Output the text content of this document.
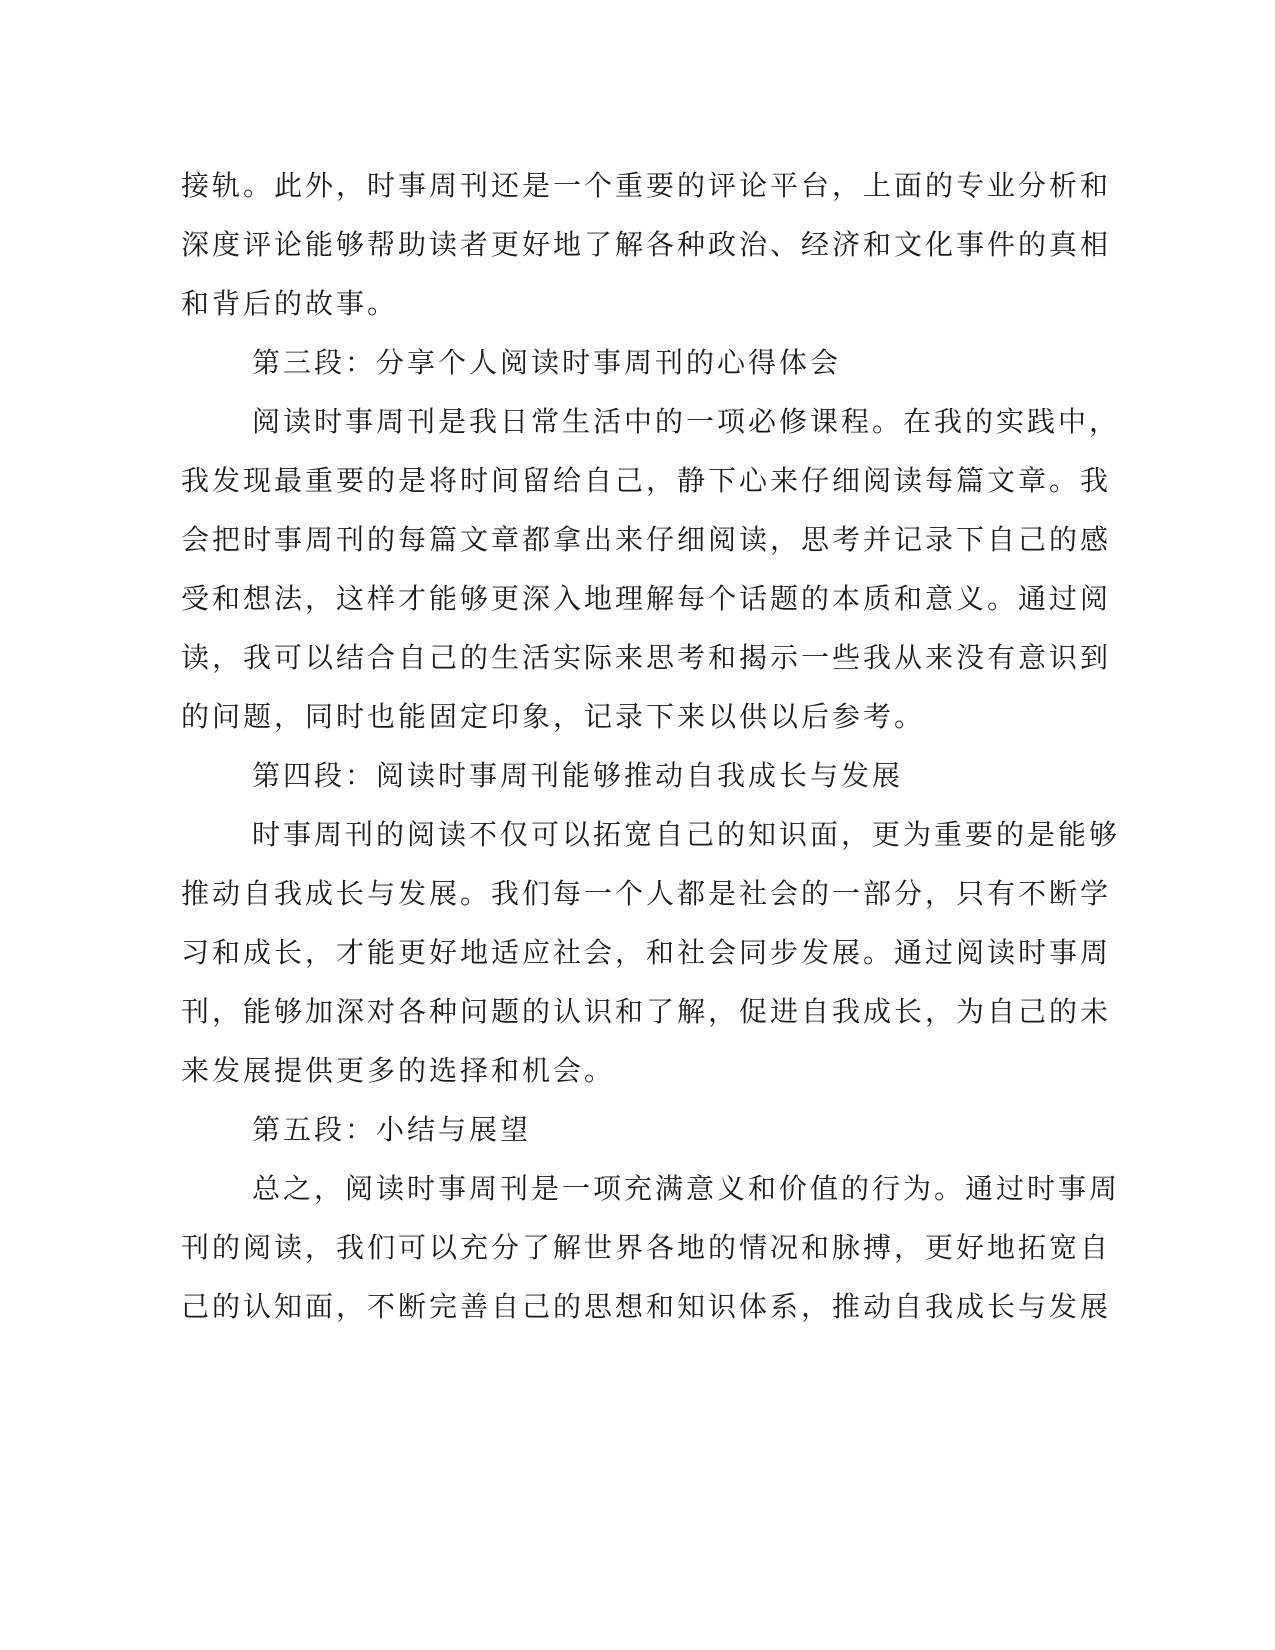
接轨。此外，时事周刊还是一个重要的评论平台，上面的专业分析和
深度评论能够帮助读者更好地了解各种政治、经济和文化事件的真相
和背后的故事。
第三段：分享个人阅读时事周刊的心得体会
阅读时事周刊是我日常生活中的一项必修课程。在我的实践中，
我发现最重要的是将时间留给自己，静下心来仔细阅读每篇文章。我
会把时事周刊的每篇文章都拿出来仔细阅读，思考并记录下自己的感
受和想法，这样才能够更深入地理解每个话题的本质和意义。通过阅
读，我可以结合自己的生活实际来思考和揭示一些我从来没有意识到
的问题，同时也能固定印象，记录下来以供以后参考。
第四段：阅读时事周刊能够推动自我成长与发展
时事周刊的阅读不仅可以拓宽自己的知识面，更为重要的是能够
推动自我成长与发展。我们每一个人都是社会的一部分，只有不断学
习和成长，才能更好地适应社会，和社会同步发展。通过阅读时事周
刊，能够加深对各种问题的认识和了解，促进自我成长，为自己的未
来发展提供更多的选择和机会。
第五段：小结与展望
总之，阅读时事周刊是一项充满意义和价值的行为。通过时事周
刊的阅读，我们可以充分了解世界各地的情况和脉搏，更好地拓宽自
己的认知面，不断完善自己的思想和知识体系，推动自我成长与发展
